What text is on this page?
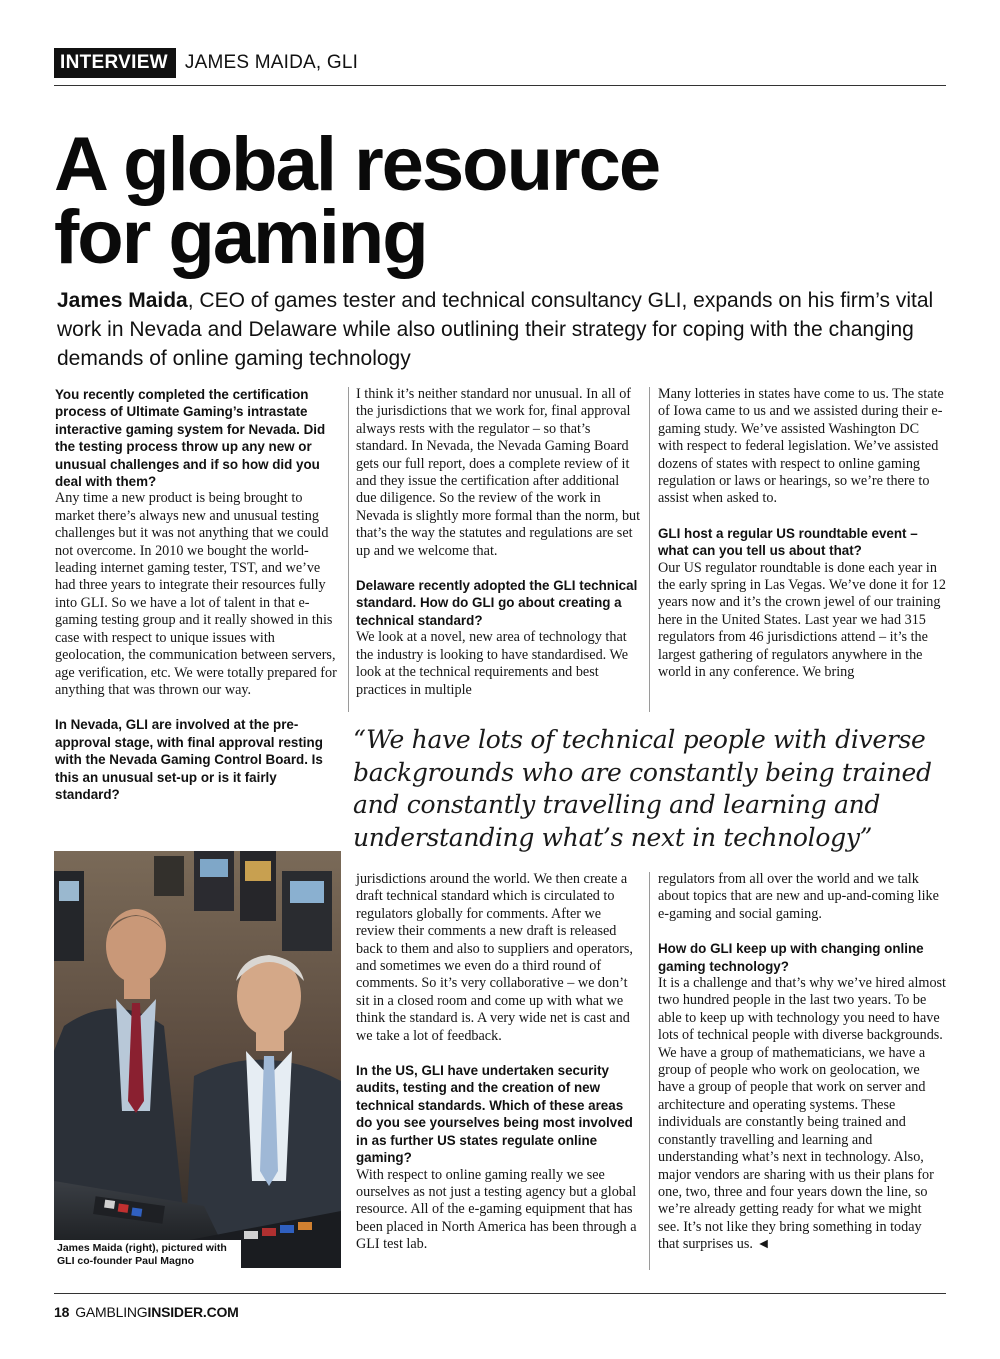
INTERVIEW JAMES MAIDA, GLI
A global resource
for gaming

James Maida, CEO of games tester and technical consultancy GLI, expands on his firm’s vital work in Nevada and Delaware while also outlining their strategy for coping with the changing demands of online gaming technology

You recently completed the certification process of Ultimate Gaming’s intrastate interactive gaming system for Nevada. Did the testing process throw up any new or unusual challenges and if so how did you deal with them?

Any time a new product is being brought to market there’s always new and unusual testing challenges but it was not anything that we could not overcome. In 2010 we bought the world-leading internet gaming tester, TST, and we’ve had three years to integrate their resources fully into GLI. So we have a lot of talent in that e-gaming testing group and it really showed in this case with respect to unique issues with geolocation, the communication between servers, age verification, etc. We were totally prepared for anything that was thrown our way.

In Nevada, GLI are involved at the pre-approval stage, with final approval resting with the Nevada Gaming Control Board. Is this an unusual set-up or is it fairly standard?

I think it’s neither standard nor unusual. In all of the jurisdictions that we work for, final approval always rests with the regulator – so that’s standard. In Nevada, the Nevada Gaming Board gets our full report, does a complete review of it and they issue the certification after additional due diligence. So the review of the work in Nevada is slightly more formal than the norm, but that’s the way the statutes and regulations are set up and we welcome that.

Delaware recently adopted the GLI technical standard. How do GLI go about creating a technical standard?

We look at a novel, new area of technology that the industry is looking to have standardised. We look at the technical requirements and best practices in multiple

Many lotteries in states have come to us. The state of Iowa came to us and we assisted during their e-gaming study. We’ve assisted Washington DC with respect to federal legislation. We’ve assisted dozens of states with respect to online gaming regulation or laws or hearings, so we’re there to assist when asked to.

GLI host a regular US roundtable event – what can you tell us about that?

Our US regulator roundtable is done each year in the early spring in Las Vegas. We’ve done it for 12 years now and it’s the crown jewel of our training here in the United States. Last year we had 315 regulators from 46 jurisdictions attend – it’s the largest gathering of regulators anywhere in the world in any conference. We bring

“We have lots of technical people with diverse backgrounds who are constantly being trained and constantly travelling and learning and understanding what’s next in technology”

James Maida (right), pictured with GLI co-founder Paul Magno

jurisdictions around the world. We then create a draft technical standard which is circulated to regulators globally for comments. After we review their comments a new draft is released back to them and also to suppliers and operators, and sometimes we even do a third round of comments. So it’s very collaborative – we don’t sit in a closed room and come up with what we think the standard is. A very wide net is cast and we take a lot of feedback.

In the US, GLI have undertaken security audits, testing and the creation of new technical standards. Which of these areas do you see yourselves being most involved in as further US states regulate online gaming?

With respect to online gaming really we see ourselves as not just a testing agency but a global resource. All of the e-gaming equipment that has been placed in North America has been through a GLI test lab.

regulators from all over the world and we talk about topics that are new and up-and-coming like e-gaming and social gaming.

How do GLI keep up with changing online gaming technology?

It is a challenge and that’s why we’ve hired almost two hundred people in the last two years. To be able to keep up with technology you need to have lots of technical people with diverse backgrounds. We have a group of mathematicians, we have a group of people who work on geolocation, we have a group of people that work on server and architecture and operating systems. These individuals are constantly being trained and constantly travelling and learning and understanding what’s next in technology. Also, major vendors are sharing with us their plans for one, two, three and four years down the line, so we’re already getting ready for what we might see. It’s not like they bring something in today that surprises us. ◄

18 GAMBLINGINSIDER.COM
